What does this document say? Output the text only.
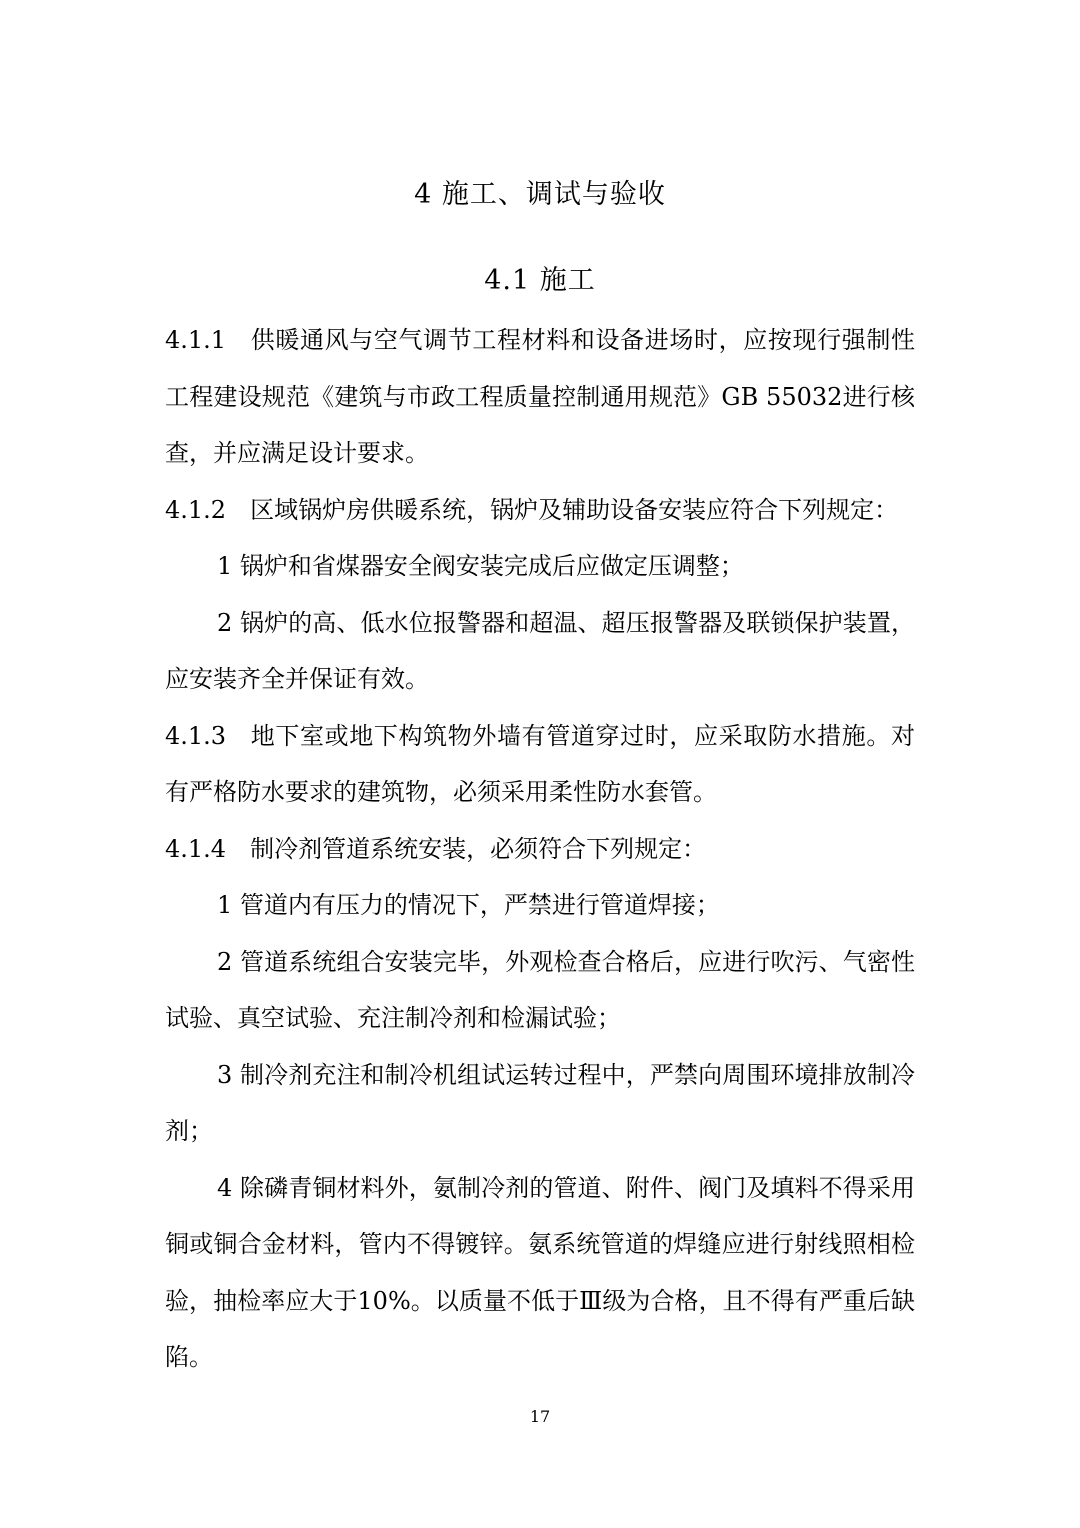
4 施工、调试与验收
4.1 施工

4.1.1 供暖通风与空气调节工程材料和设备进场时，应按现行强制性工程建设规范《建筑与市政工程质量控制通用规范》GB 55032进行核查，并应满足设计要求。

4.1.2 区域锅炉房供暖系统，锅炉及辅助设备安装应符合下列规定：

1 锅炉和省煤器安全阀安装完成后应做定压调整；

2 锅炉的高、低水位报警器和超温、超压报警器及联锁保护装置，应安装齐全并保证有效。

4.1.3 地下室或地下构筑物外墙有管道穿过时，应采取防水措施。对有严格防水要求的建筑物，必须采用柔性防水套管。

4.1.4 制冷剂管道系统安装，必须符合下列规定：

1 管道内有压力的情况下，严禁进行管道焊接；

2 管道系统组合安装完毕，外观检查合格后，应进行吹污、气密性试验、真空试验、充注制冷剂和检漏试验；

3 制冷剂充注和制冷机组试运转过程中，严禁向周围环境排放制冷剂；

4 除磷青铜材料外，氨制冷剂的管道、附件、阀门及填料不得采用铜或铜合金材料，管内不得镀锌。氨系统管道的焊缝应进行射线照相检验，抽检率应大于10%。以质量不低于Ⅲ级为合格，且不得有严重后缺陷。

17
